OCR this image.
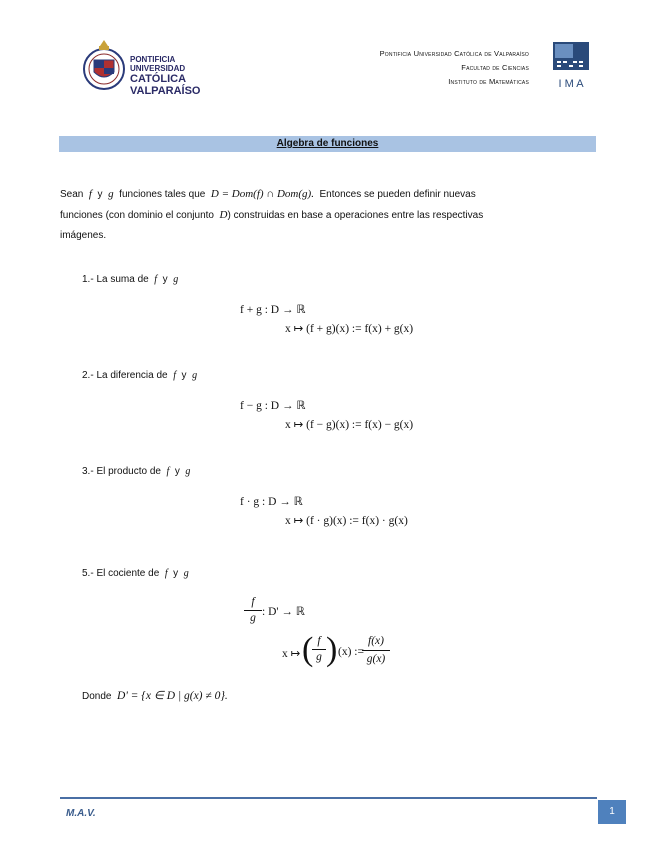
PONTIFICIA
UNIVERSIDAD
CATÓLICA
VALPARAÍSO
Pontificia Universidad Católica de Valparaíso
Facultad de Ciencias
Instituto de Matemáticas	I M A
Algebra de funciones
Sean f y g funciones tales que D = Dom(f) ∩ Dom(g). Entonces se pueden definir nuevas
funciones (con dominio el conjunto D) construidas en base a operaciones entre las respectivas
imágenes.
1.- La suma de f y g
f + g : D → ℝ
x ↦ (f + g)(x) := f(x) + g(x)
2.- La diferencia de f y g
f − g : D → ℝ
x ↦ (f − g)(x) := f(x) − g(x)
3.- El producto de f y g
f · g : D → ℝ
x ↦ (f · g)(x) := f(x) · g(x)
5.- El cociente de f y g
f
g : D' → ℝ
x ↦ ( f
g ) (x) :=
f(x)
g(x)
Donde D' = {x ∈ D | g(x) ≠ 0}.
M.A.V.	1
